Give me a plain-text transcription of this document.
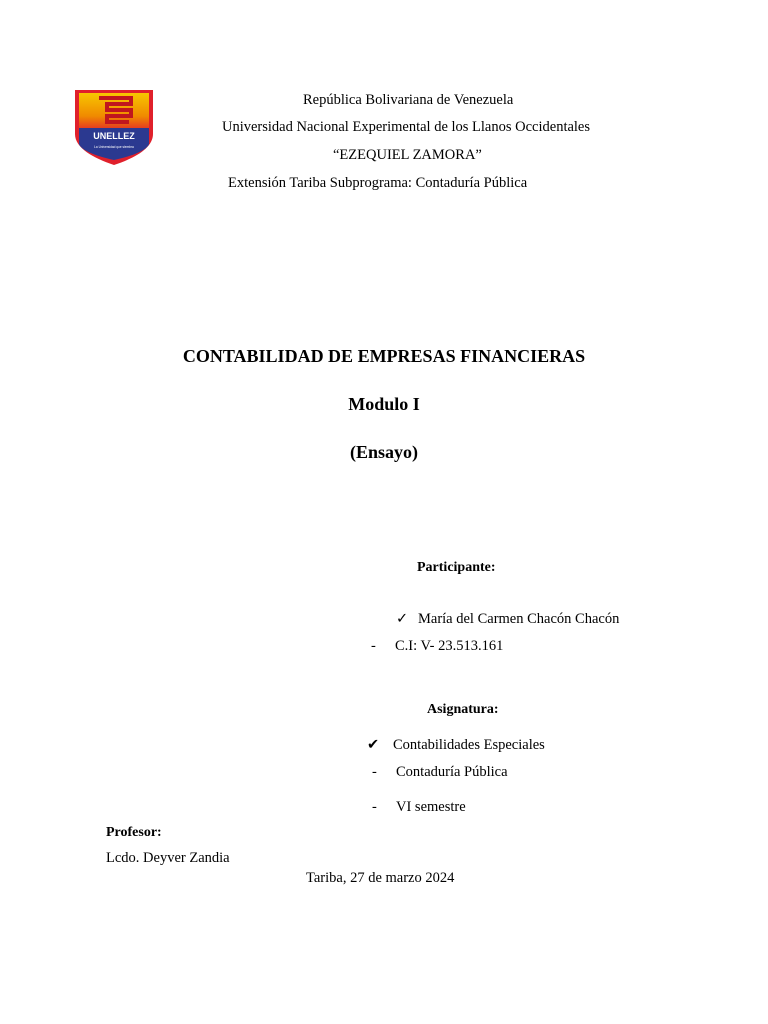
UNELLEZ
La Universidad que siembra
República Bolivariana de Venezuela
Universidad Nacional Experimental de los Llanos Occidentales
“EZEQUIEL ZAMORA”
Extensión Tariba Subprograma: Contaduría Pública
CONTABILIDAD DE EMPRESAS FINANCIERAS
Modulo I
(Ensayo)
Participante:
✓ María del Carmen Chacón Chacón
- C.I: V- 23.513.161
Asignatura:
✔ Contabilidades Especiales
- Contaduría Pública
- VI semestre
Profesor:
Lcdo. Deyver Zandia
Tariba, 27 de marzo 2024
